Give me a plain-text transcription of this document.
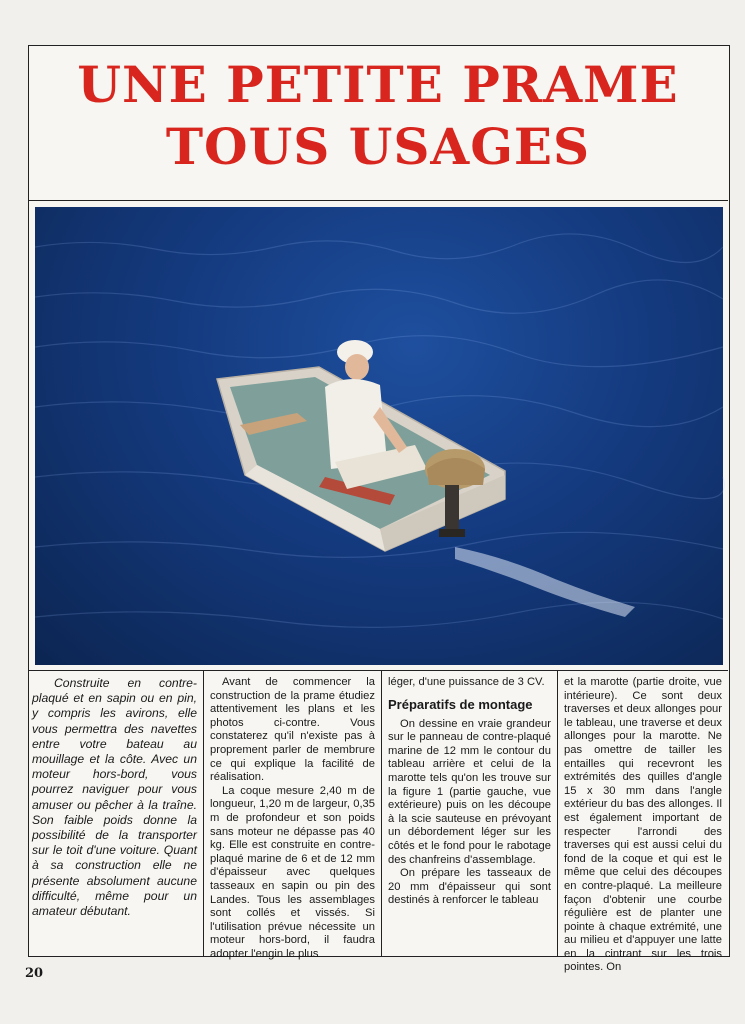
UNE PETITE PRAME
TOUS USAGES

Construite en contre-plaqué et en sapin ou en pin, y compris les avirons, elle vous permettra des navettes entre votre bateau au mouillage et la côte. Avec un moteur hors-bord, vous pourrez naviguer pour vous amuser ou pêcher à la traîne. Son faible poids donne la possibilité de la transporter sur le toit d'une voiture. Quant à sa construction elle ne présente absolument aucune difficulté, même pour un amateur débutant.

Avant de commencer la construction de la prame étudiez attentivement les plans et les photos ci-contre. Vous constaterez qu'il n'existe pas à proprement parler de membrure ce qui explique la facilité de réalisation.

La coque mesure 2,40 m de longueur, 1,20 m de largeur, 0,35 m de profondeur et son poids sans moteur ne dépasse pas 40 kg. Elle est construite en contre-plaqué marine de 6 et de 12 mm d'épaisseur avec quelques tasseaux en sapin ou pin des Landes. Tous les assemblages sont collés et vissés. Si l'utilisation prévue nécessite un moteur hors-bord, il faudra adopter l'engin le plus

léger, d'une puissance de 3 CV.

Préparatifs de montage

On dessine en vraie grandeur sur le panneau de contre-plaqué marine de 12 mm le contour du tableau arrière et celui de la marotte tels qu'on les trouve sur la figure 1 (partie gauche, vue extérieure) puis on les découpe à la scie sauteuse en prévoyant un débordement léger sur les côtés et le fond pour le rabotage des chanfreins d'assemblage.

On prépare les tasseaux de 20 mm d'épaisseur qui sont destinés à renforcer le tableau

et la marotte (partie droite, vue intérieure). Ce sont deux traverses et deux allonges pour le tableau, une traverse et deux allonges pour la marotte. Ne pas omettre de tailler les entailles qui recevront les extrémités des quilles d'angle 15 x 30 mm dans l'angle extérieur du bas des allonges. Il est également important de respecter l'arrondi des traverses qui est aussi celui du fond de la coque et qui est le même que celui des découpes en contre-plaqué. La meilleure façon d'obtenir une courbe régulière est de planter une pointe à chaque extrémité, une au milieu et d'appuyer une latte en la cintrant sur les trois pointes. On

20
